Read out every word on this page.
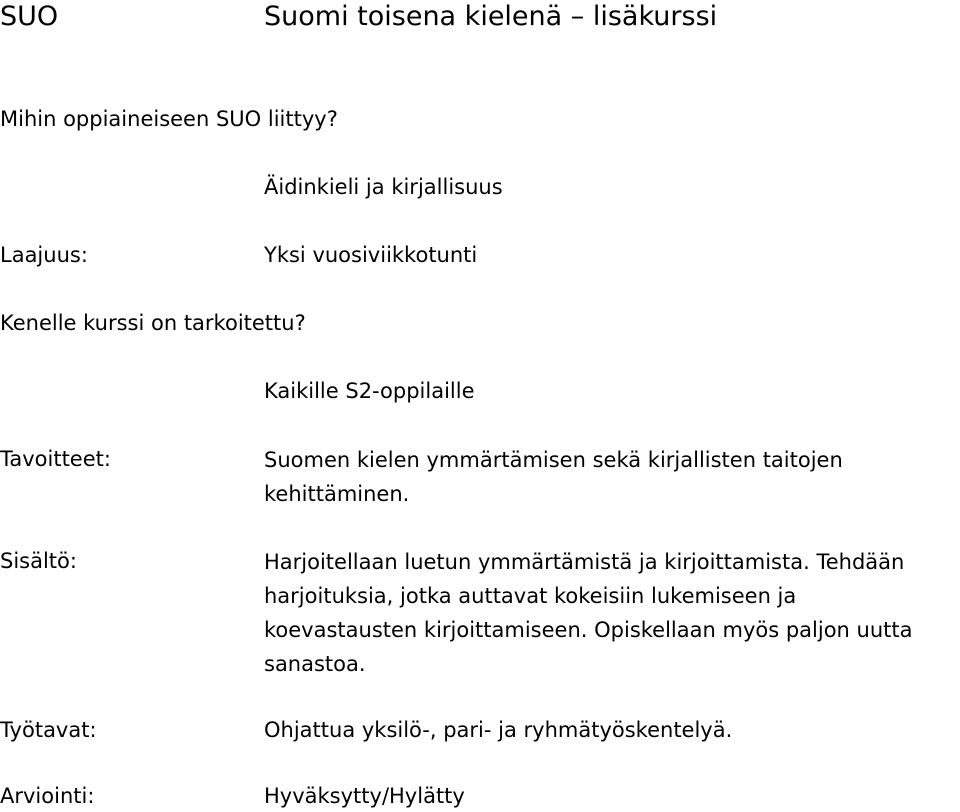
SUO	Suomi toisena kielenä – lisäkurssi
Mihin oppiaineiseen SUO liittyy?
Äidinkieli ja kirjallisuus
Laajuus:	Yksi vuosiviikkotunti
Kenelle kurssi on tarkoitettu?
Kaikille S2-oppilaille
Tavoitteet:	Suomen kielen ymmärtämisen sekä kirjallisten taitojen kehittäminen.
Sisältö:	Harjoitellaan luetun ymmärtämistä ja kirjoittamista. Tehdään harjoituksia, jotka auttavat kokeisiin lukemiseen ja koevastausten kirjoittamiseen. Opiskellaan myös paljon uutta sanastoa.
Työtavat:	Ohjattua yksilö-, pari- ja ryhmätyöskentelyä.
Arviointi:	Hyväksytty/Hylätty
